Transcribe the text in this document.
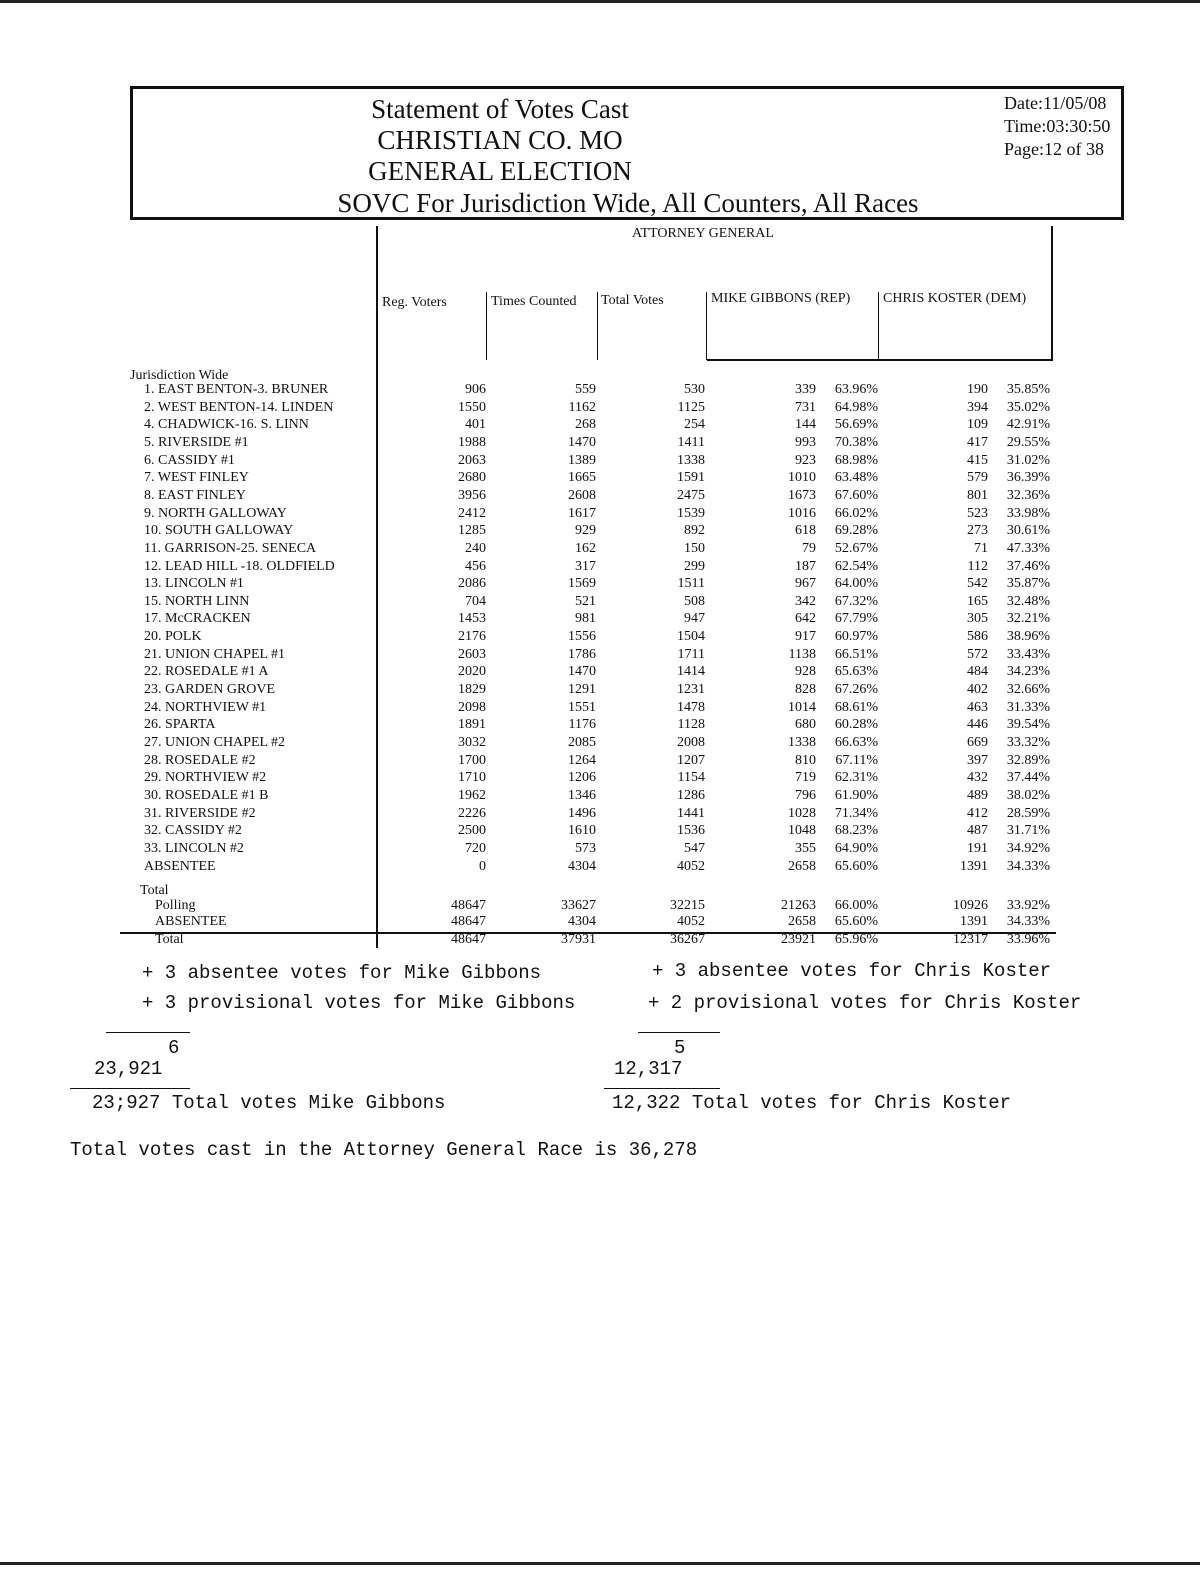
Statement of Votes Cast
CHRISTIAN CO. MO
GENERAL ELECTION
SOVC For Jurisdiction Wide, All Counters, All Races
Date:11/05/08
Time:03:30:50
Page:12 of 38
ATTORNEY GENERAL
Reg. Voters	Times Counted Total Votes	MIKE GIBBONS (REP) CHRIS KOSTER (DEM)
Jurisdiction Wide
1. EAST BENTON-3. BRUNER	906	559	530	339 63.96%	190 35.85%
2. WEST BENTON-14. LINDEN	1550	1162	1125	731 64.98%	394 35.02%
4. CHADWICK-16. S. LINN	401	268	254	144 56.69%	109 42.91%
5. RIVERSIDE #1	1988	1470	1411	993 70.38%	417 29.55%
6. CASSIDY #1	2063	1389	1338	923 68.98%	415 31.02%
7. WEST FINLEY	2680	1665	1591	1010 63.48%	579 36.39%
8. EAST FINLEY	3956	2608	2475	1673 67.60%	801 32.36%
9. NORTH GALLOWAY	2412	1617	1539	1016 66.02%	523 33.98%
10. SOUTH GALLOWAY	1285	929	892	618 69.28%	273 30.61%
11. GARRISON-25. SENECA	240	162	150	79 52.67%	71 47.33%
12. LEAD HILL -18. OLDFIELD	456	317	299	187 62.54%	112 37.46%
13. LINCOLN #1	2086	1569	1511	967 64.00%	542 35.87%
15. NORTH LINN	704	521	508	342 67.32%	165 32.48%
17. McCRACKEN	1453	981	947	642 67.79%	305 32.21%
20. POLK	2176	1556	1504	917 60.97%	586 38.96%
21. UNION CHAPEL #1	2603	1786	1711	1138 66.51%	572 33.43%
22. ROSEDALE #1 A	2020	1470	1414	928 65.63%	484 34.23%
23. GARDEN GROVE	1829	1291	1231	828 67.26%	402 32.66%
24. NORTHVIEW #1	2098	1551	1478	1014 68.61%	463 31.33%
26. SPARTA	1891	1176	1128	680 60.28%	446 39.54%
27. UNION CHAPEL #2	3032	2085	2008	1338 66.63%	669 33.32%
28. ROSEDALE #2	1700	1264	1207	810 67.11%	397 32.89%
29. NORTHVIEW #2	1710	1206	1154	719 62.31%	432 37.44%
30. ROSEDALE #1 B	1962	1346	1286	796 61.90%	489 38.02%
31. RIVERSIDE #2	2226	1496	1441	1028 71.34%	412 28.59%
32. CASSIDY #2	2500	1610	1536	1048 68.23%	487 31.71%
33. LINCOLN #2	720	573	547	355 64.90%	191 34.92%
ABSENTEE	0	4304	4052	2658 65.60%	1391 34.33%
Total
Polling	48647	33627	32215	21263 66.00%	10926 33.92%
ABSENTEE	48647	4304	4052	2658 65.60%	1391 34.33%
Total	48647	37931	36267	23921 65.96%	12317 33.96%
+ 3 absentee votes for Mike Gibbons
+ 3 provisional votes for Mike Gibbons
+ 3 absentee votes for Chris Koster
+ 2 provisional votes for Chris Koster
6
23,921
23;927 Total votes Mike Gibbons
5
12,317
12,322 Total votes for Chris Koster
Total votes cast in the Attorney General Race is 36,278
